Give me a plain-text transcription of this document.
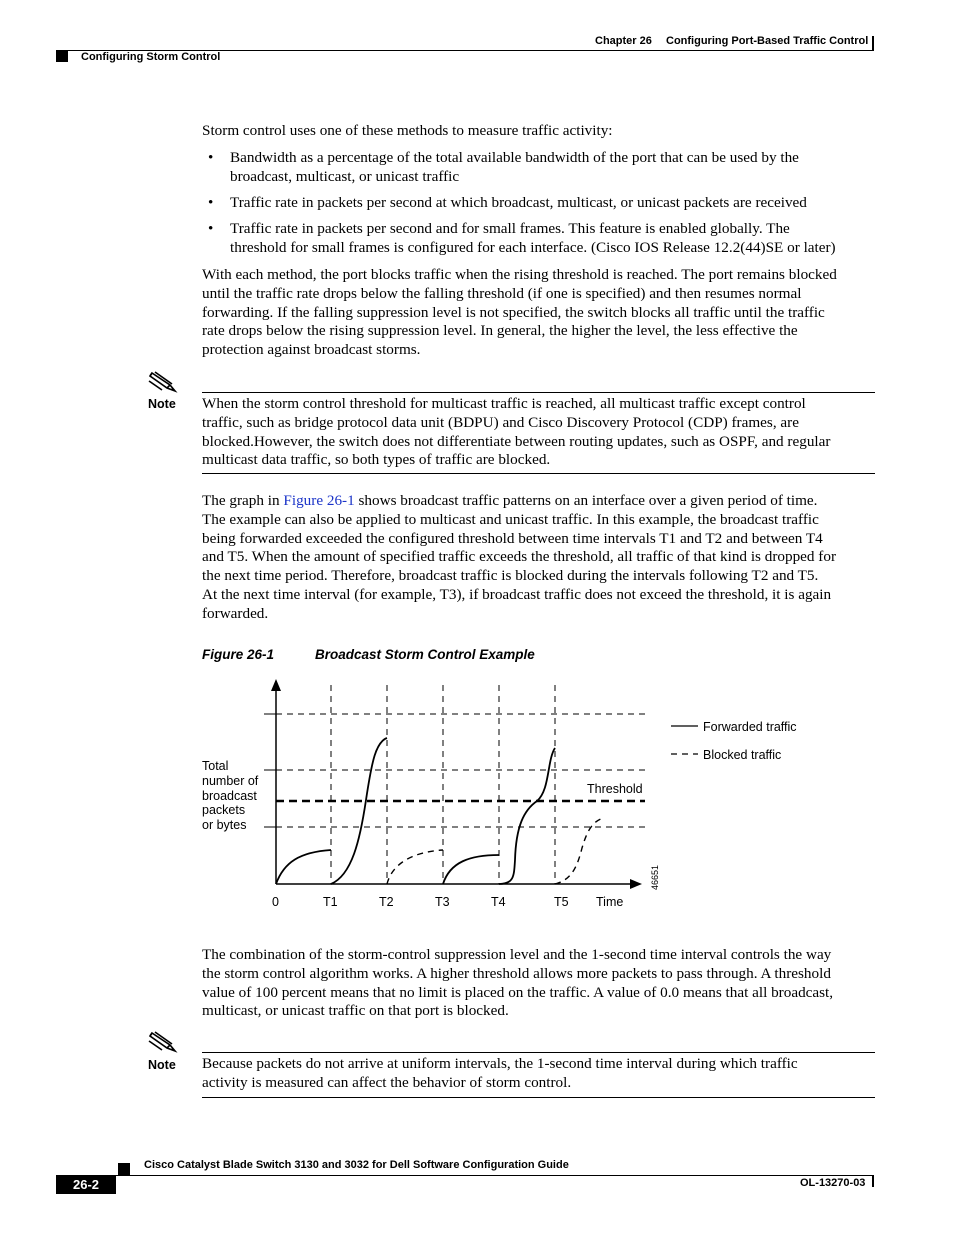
Chapter 26 Configuring Port-Based Traffic Control
Configuring Storm Control

Storm control uses one of these methods to measure traffic activity:

• Bandwidth as a percentage of the total available bandwidth of the port that can be used by the
broadcast, multicast, or unicast traffic
• Traffic rate in packets per second at which broadcast, multicast, or unicast packets are received
• Traffic rate in packets per second and for small frames. This feature is enabled globally. The
threshold for small frames is configured for each interface. (Cisco IOS Release 12.2(44)SE or later)
With each method, the port blocks traffic when the rising threshold is reached. The port remains blocked
until the traffic rate drops below the falling threshold (if one is specified) and then resumes normal
forwarding. If the falling suppression level is not specified, the switch blocks all traffic until the traffic
rate drops below the rising suppression level. In general, the higher the level, the less effective the
protection against broadcast storms.
Note When the storm control threshold for multicast traffic is reached, all multicast traffic except control
traffic, such as bridge protocol data unit (BDPU) and Cisco Discovery Protocol (CDP) frames, are
blocked.However, the switch does not differentiate between routing updates, such as OSPF, and regular
multicast data traffic, so both types of traffic are blocked.
The graph in Figure 26-1 shows broadcast traffic patterns on an interface over a given period of time.
The example can also be applied to multicast and unicast traffic. In this example, the broadcast traffic
being forwarded exceeded the configured threshold between time intervals T1 and T2 and between T4
and T5. When the amount of specified traffic exceeds the threshold, all traffic of that kind is dropped for
the next time period. Therefore, broadcast traffic is blocked during the intervals following T2 and T5.
At the next time interval (for example, T3), if broadcast traffic does not exceed the threshold, it is again
forwarded.
Figure 26-1	Broadcast Storm Control Example
Total
number of
broadcast
packets
or bytes
0	T1	T2	T3	T4	T5 Time
Threshold
Forwarded traffic
Blocked traffic
46651
The combination of the storm-control suppression level and the 1-second time interval controls the way
the storm control algorithm works. A higher threshold allows more packets to pass through. A threshold
value of 100 percent means that no limit is placed on the traffic. A value of 0.0 means that all broadcast,
multicast, or unicast traffic on that port is blocked.
Note Because packets do not arrive at uniform intervals, the 1-second time interval during which traffic
activity is measured can affect the behavior of storm control.
Cisco Catalyst Blade Switch 3130 and 3032 for Dell Software Configuration Guide
26-2	OL-13270-03
